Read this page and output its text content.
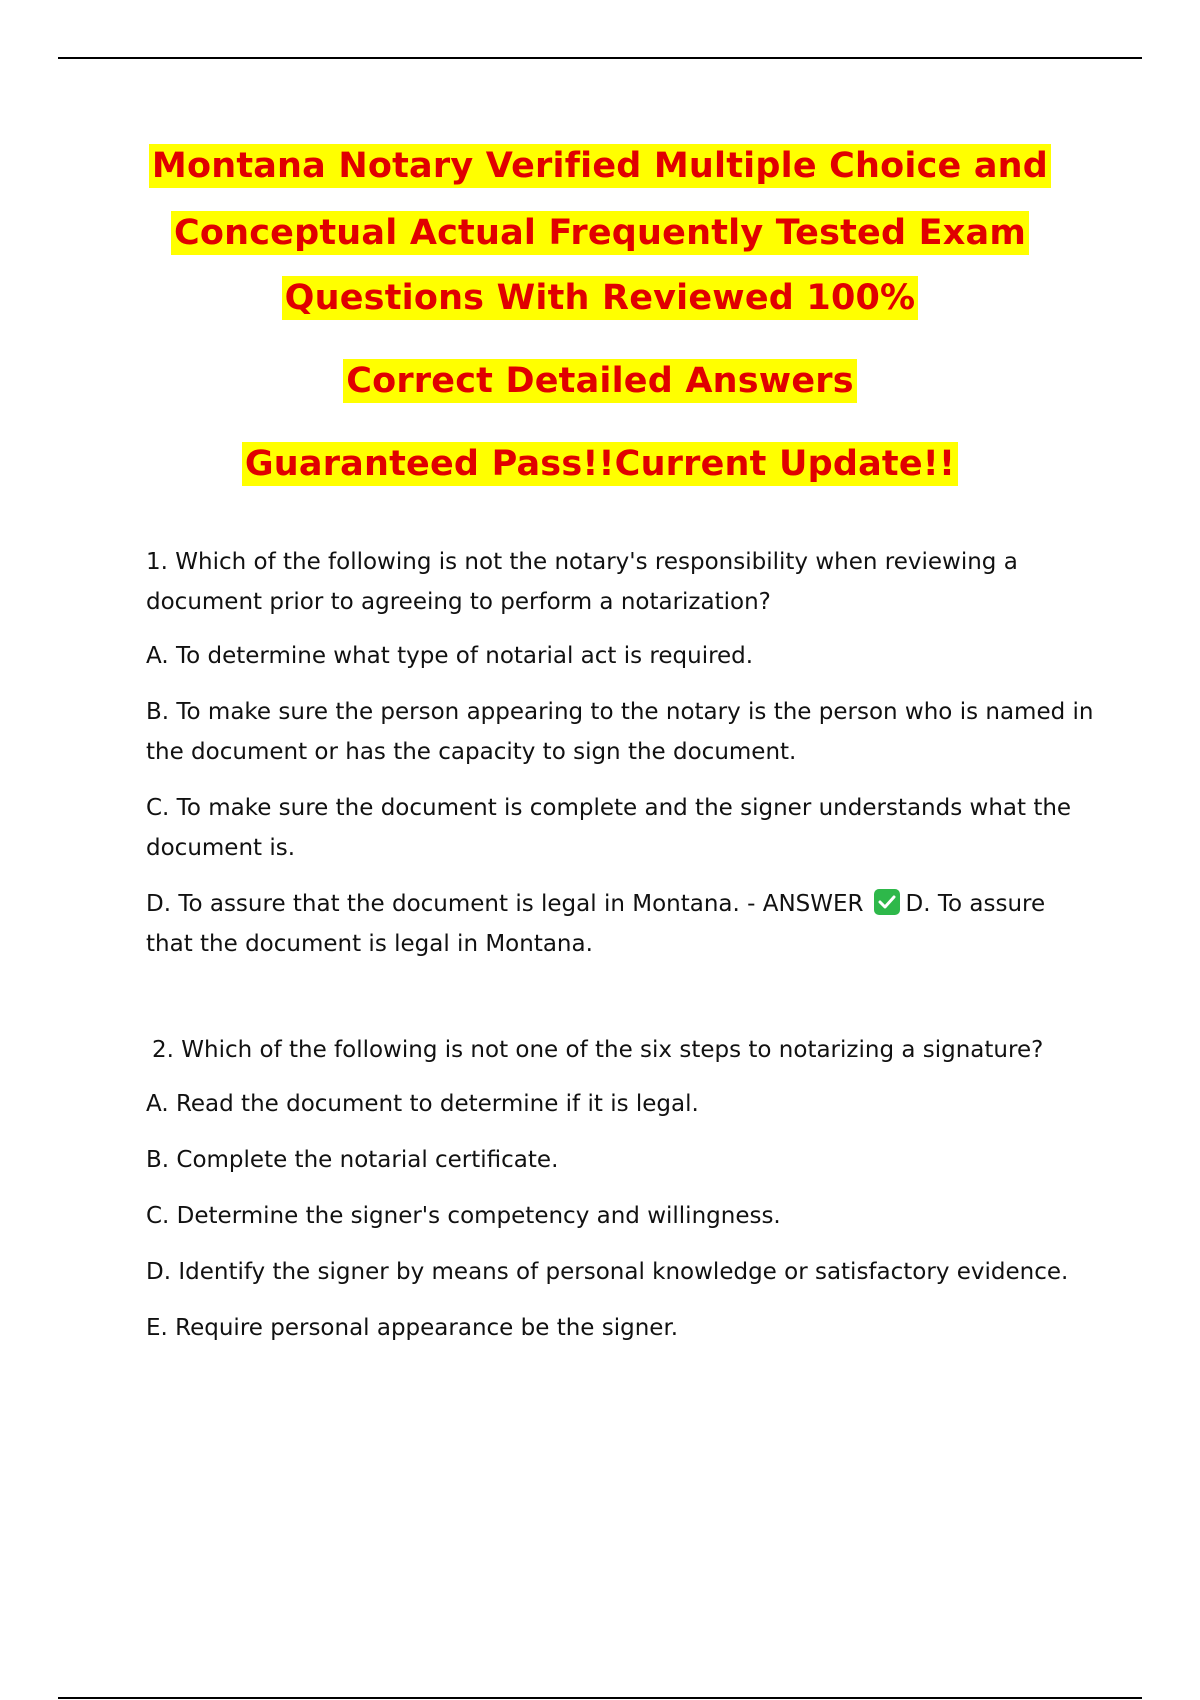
Montana Notary Verified Multiple Choice and
Conceptual Actual Frequently Tested Exam
Questions With Reviewed 100%
Correct Detailed Answers
Guaranteed Pass!!Current Update!!

1. Which of the following is not the notary's responsibility when reviewing a document prior to agreeing to perform a notarization?

A. To determine what type of notarial act is required.

B. To make sure the person appearing to the notary is the person who is named in the document or has the capacity to sign the document.

C. To make sure the document is complete and the signer understands what the document is.

D. To assure that the document is legal in Montana. - ANSWER D. To assure that the document is legal in Montana.

2. Which of the following is not one of the six steps to notarizing a signature?

A. Read the document to determine if it is legal.

B. Complete the notarial certificate.

C. Determine the signer's competency and willingness.

D. Identify the signer by means of personal knowledge or satisfactory evidence.

E. Require personal appearance be the signer.
